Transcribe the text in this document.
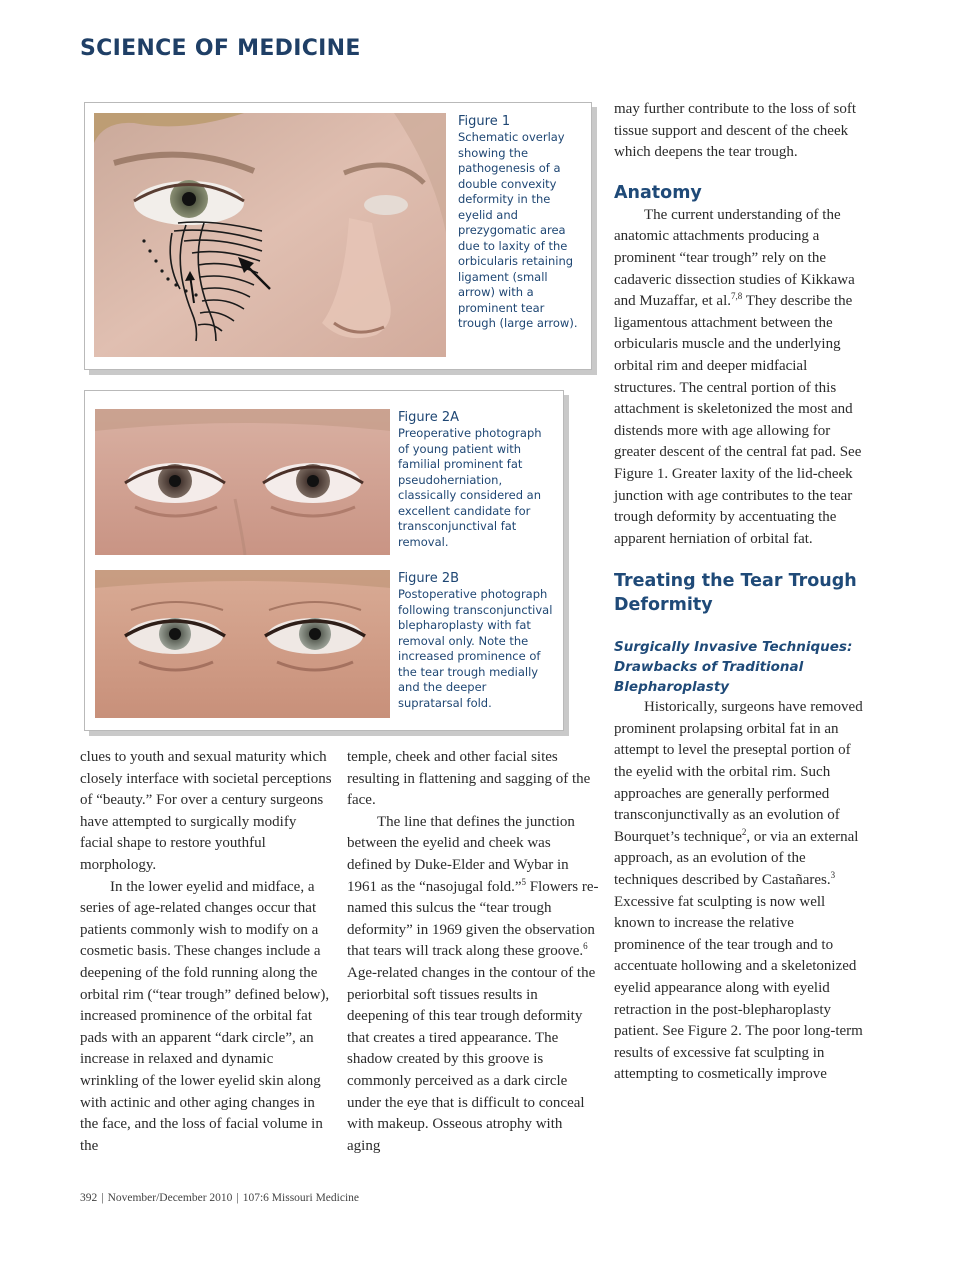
SCIENCE OF MEDICINE
Figure 1
Schematic overlay showing the pathogenesis of a double convexity deformity in the eyelid and prezygomatic area due to laxity of the orbicularis retaining ligament (small arrow) with a prominent tear trough (large arrow).
Figure 2A
Preoperative photograph of young patient with familial prominent fat pseudoherniation, classically considered an excellent candidate for transconjunctival fat removal.
Figure 2B
Postoperative photograph following transconjunctival blepharoplasty with fat removal only. Note the increased prominence of the tear trough medially and the deeper supratarsal fold.

clues to youth and sexual maturity which closely interface with societal perceptions of “beauty.” For over a century surgeons have attempted to surgically modify facial shape to restore youthful morphology.

In the lower eyelid and midface, a series of age-related changes occur that patients commonly wish to modify on a cosmetic basis. These changes include a deepening of the fold running along the orbital rim (“tear trough” defined below), increased prominence of the orbital fat pads with an apparent “dark circle”, an increase in relaxed and dynamic wrinkling of the lower eyelid skin along with actinic and other aging changes in the face, and the loss of facial volume in the

temple, cheek and other facial sites resulting in flattening and sagging of the face.

The line that defines the junction between the eyelid and cheek was defined by Duke-Elder and Wybar in 1961 as the “nasojugal fold.”$^5$ Flowers re-named this sulcus the “tear trough deformity” in 1969 given the observation that tears will track along these groove.$^6$ Age-related changes in the contour of the periorbital soft tissues results in deepening of this tear trough deformity that creates a tired appearance. The shadow created by this groove is commonly perceived as a dark circle under the eye that is difficult to conceal with makeup. Osseous atrophy with aging

may further contribute to the loss of soft tissue support and descent of the cheek which deepens the tear trough.

Anatomy

The current understanding of the anatomic attachments producing a prominent “tear trough” rely on the cadaveric dissection studies of Kikkawa and Muzaffar, et al.$^{7,8}$ They describe the ligamentous attachment between the orbicularis muscle and the underlying orbital rim and deeper midfacial structures. The central portion of this attachment is skeletonized the most and distends more with age allowing for greater descent of the central fat pad. See Figure 1. Greater laxity of the lid-cheek junction with age contributes to the tear trough deformity by accentuating the apparent herniation of orbital fat.

Treating the Tear Trough Deformity
Surgically Invasive Techniques: Drawbacks of Traditional Blepharoplasty

Historically, surgeons have removed prominent prolapsing orbital fat in an attempt to level the preseptal portion of the eyelid with the orbital rim. Such approaches are generally performed transconjunctivally as an evolution of Bourquet’s technique$^2$, or via an external approach, as an evolution of the techniques described by Castañares.$^3$ Excessive fat sculpting is now well known to increase the relative prominence of the tear trough and to accentuate hollowing and a skeletonized eyelid appearance along with eyelid retraction in the post-blepharoplasty patient. See Figure 2. The poor long-term results of excessive fat sculpting in attempting to cosmetically improve

392 | November/December 2010 | 107:6 Missouri Medicine
